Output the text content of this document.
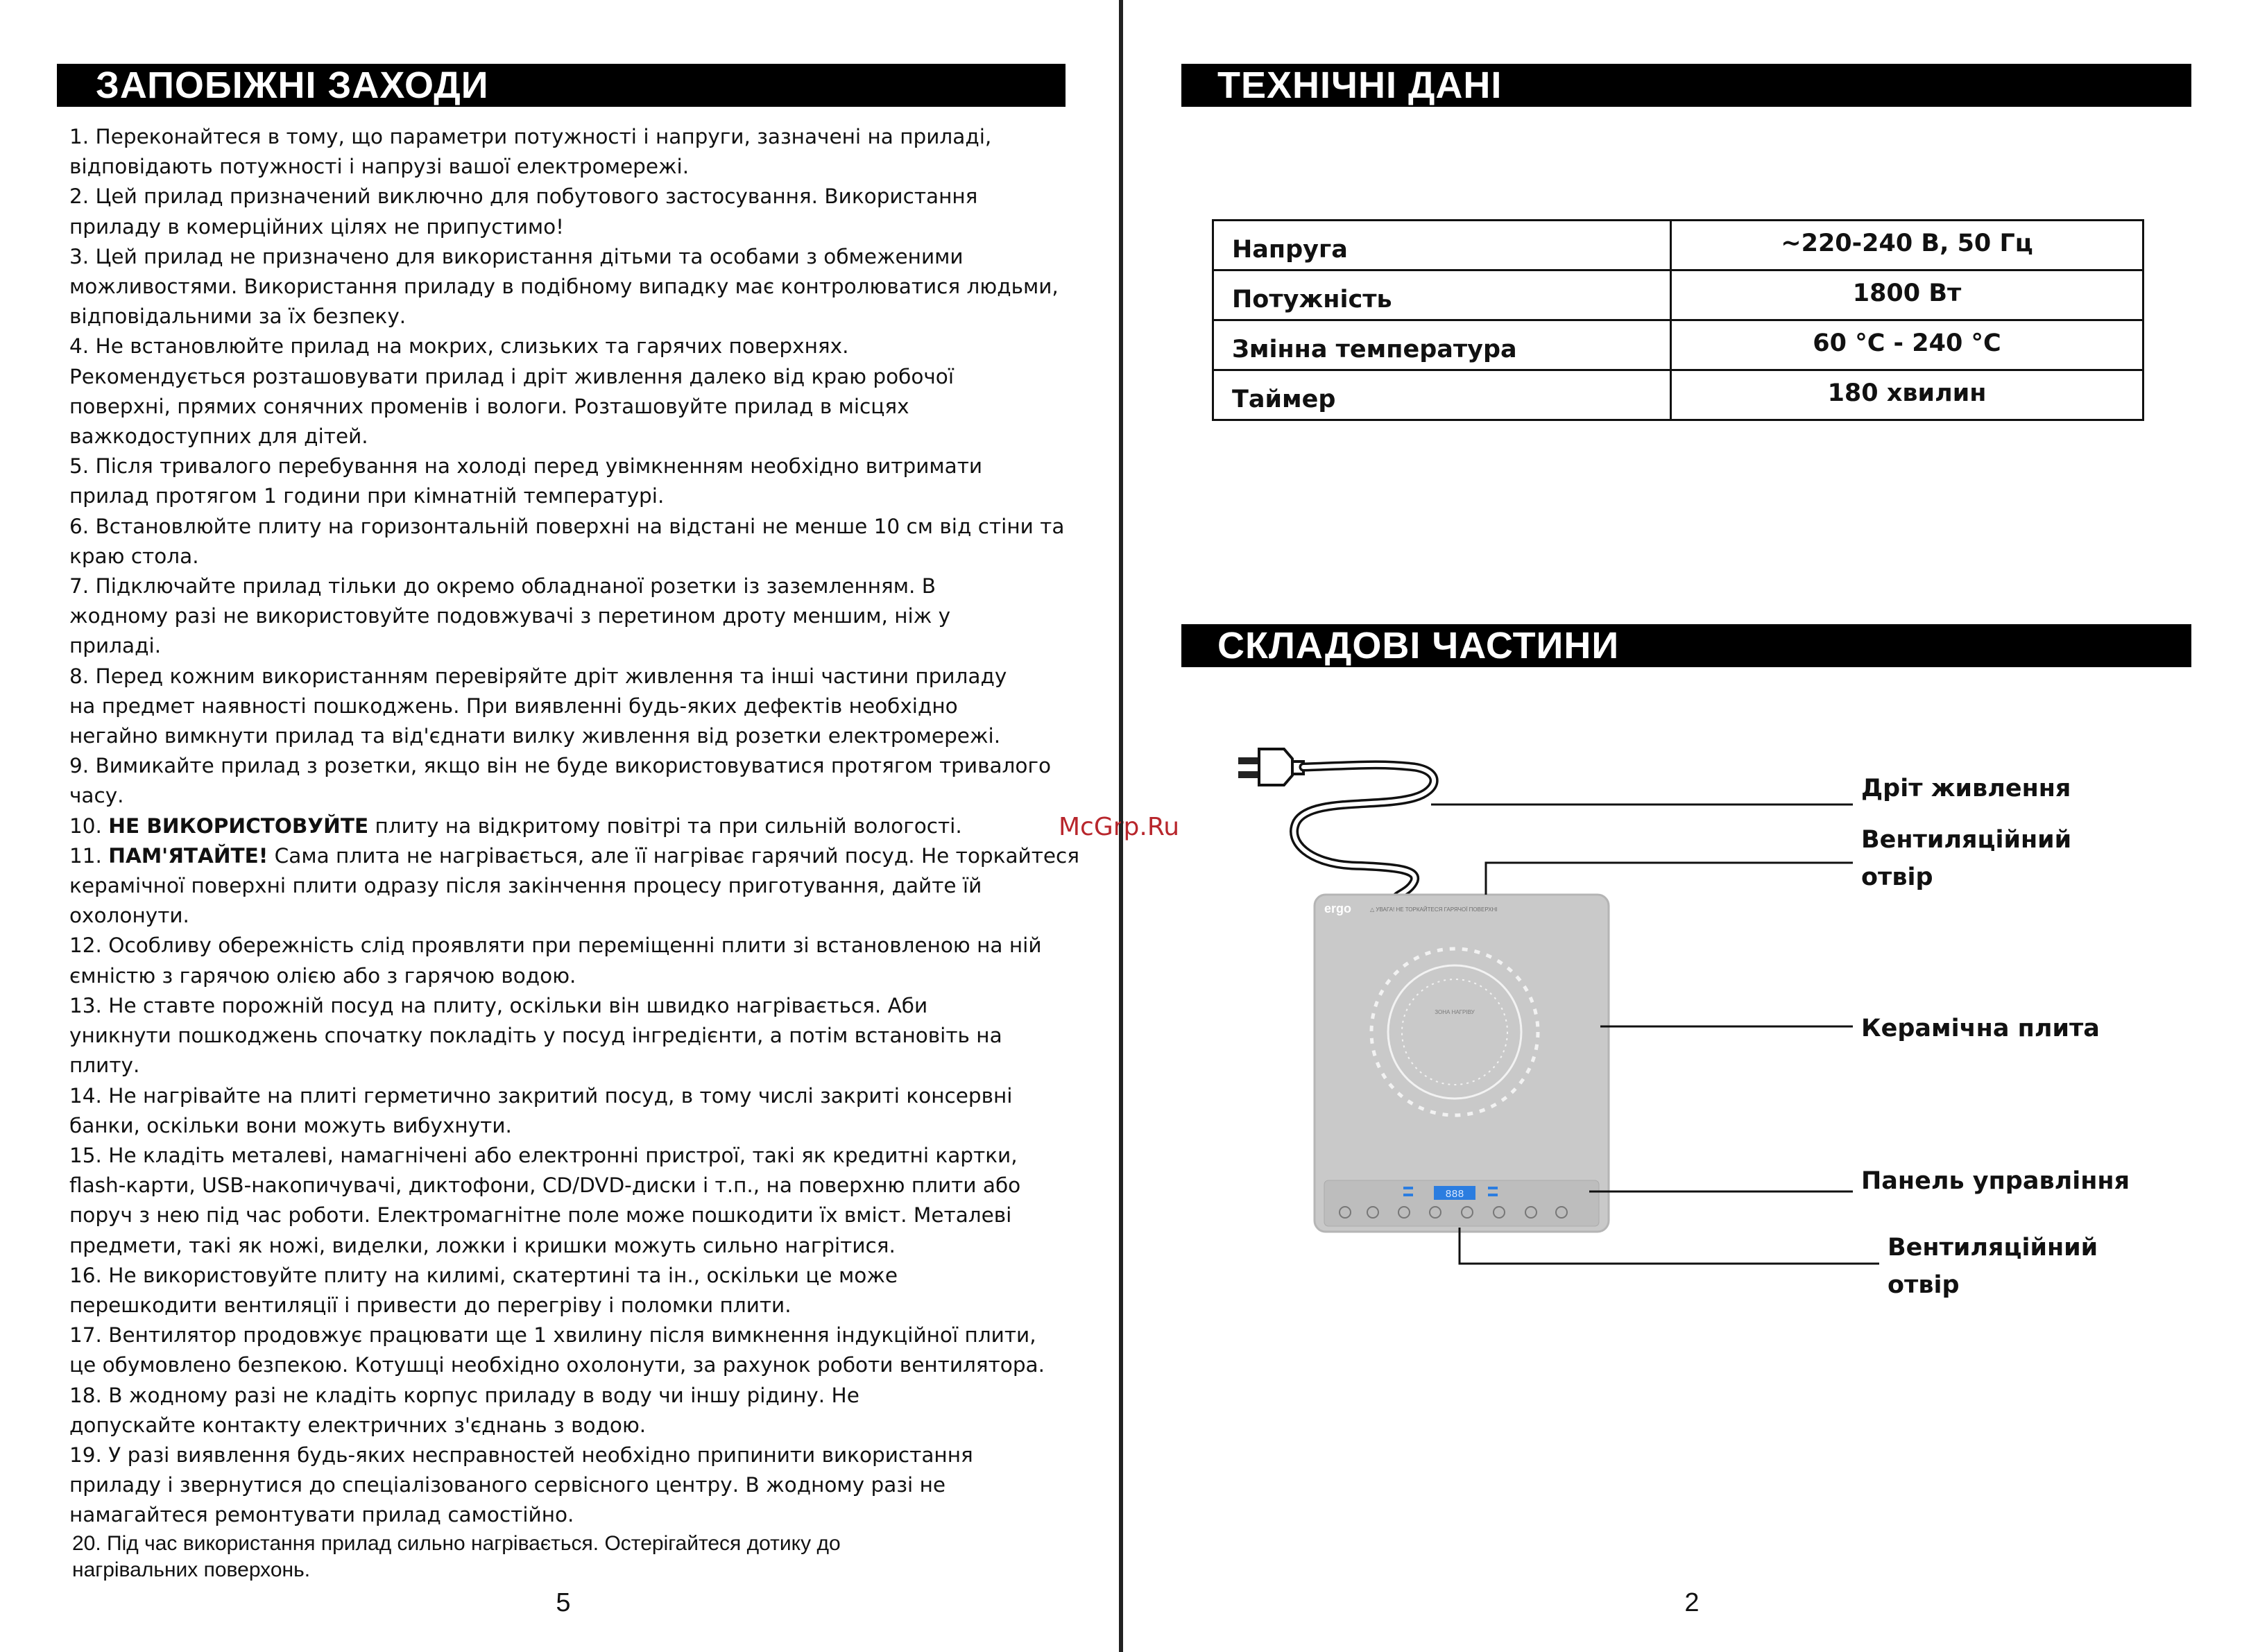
ЗАПОБІЖНІ ЗАХОДИ

1. Переконайтеся в тому, що параметри потужності і напруги, зазначені на приладі,

відповідають потужності і напрузі вашої електромережі.

2. Цей прилад призначений виключно для побутового застосування. Використання

приладу в комерційних цілях не припустимо!

3. Цей прилад не призначено для використання дітьми та особами з обмеженими

можливостями. Використання приладу в подібному випадку має контролюватися людьми,

відповідальними за їх безпеку.

4. Не встановлюйте прилад на мокрих, слизьких та гарячих поверхнях.

Рекомендується розташовувати прилад і дріт живлення далеко від краю робочої

поверхні, прямих сонячних променів і вологи. Розташовуйте прилад в місцях

важкодоступних для дітей.

5. Після тривалого перебування на холоді перед увімкненням необхідно витримати

прилад протягом 1 години при кімнатній температурі.

6. Встановлюйте плиту на горизонтальній поверхні на відстані не менше 10 см від стіни та

краю стола.

7. Підключайте прилад тільки до окремо обладнаної розетки із заземленням. В

жодному разі не використовуйте подовжувачі з перетином дроту меншим, ніж у

приладі.

8. Перед кожним використанням перевіряйте дріт живлення та інші частини приладу

на предмет наявності пошкоджень. При виявленні будь-яких дефектів необхідно

негайно вимкнути прилад та від'єднати вилку живлення від розетки електромережі.

9. Вимикайте прилад з розетки, якщо він не буде використовуватися протягом тривалого

часу.

10. НЕ ВИКОРИСТОВУЙТЕ плиту на відкритому повітрі та при сильній вологості.

11. ПАМ'ЯТАЙТЕ! Сама плита не нагрівається, але її нагріває гарячий посуд. Не торкайтеся

керамічної поверхні плити одразу після закінчення процесу приготування, дайте їй

охолонути.

12. Особливу обережність слід проявляти при переміщенні плити зі встановленою на ній

ємністю з гарячою олією або з гарячою водою.

13. Не ставте порожній посуд на плиту, оскільки він швидко нагрівається. Аби

уникнути пошкоджень спочатку покладіть у посуд інгредієнти, а потім встановіть на

плиту.

14. Не нагрівайте на плиті герметично закритий посуд, в тому числі закриті консервні

банки, оскільки вони можуть вибухнути.

15. Не кладіть металеві, намагнічені або електронні пристрої, такі як кредитні картки,

flash-карти, USB-накопичувачі, диктофони, CD/DVD-диски і т.п., на поверхню плити або

поруч з нею під час роботи. Електромагнітне поле може пошкодити їх вміст. Металеві

предмети, такі як ножі, виделки, ложки і кришки можуть сильно нагрітися.

16. Не використовуйте плиту на килимі, скатертині та ін., оскільки це може

перешкодити вентиляції і привести до перегріву і поломки плити.

17. Вентилятор продовжує працювати ще 1 хвилину після вимкнення індукційної плити,

це обумовлено безпекою. Котушці необхідно охолонути, за рахунок роботи вентилятора.

18. В жодному разі не кладіть корпус приладу в воду чи іншу рідину. Не

допускайте контакту електричних з'єднань з водою.

19. У разі виявлення будь-яких несправностей необхідно припинити використання

приладу і звернутися до спеціалізованого сервісного центру. В жодному разі не

намагайтеся ремонтувати прилад самостійно.

20. Під час використання прилад сильно нагрівається. Остерігайтеся дотику до

нагрівальних поверхонь.

5
McGrp.Ru
ТЕХНІЧНІ ДАНІ
Напруга	~220-240 В, 50 Гц
Потужність	1800 Вт
Змінна температура	60 °C - 240 °C
Таймер	180 хвилин
СКЛАДОВІ ЧАСТИНИ
ergo	△ УВАГА! НЕ ТОРКАЙТЕСЯ ГАРЯЧОЇ ПОВЕРХНІ
ЗОНА НАГРІВУ
888
Дріт живлення
Вентиляційний отвір
Керамічна плита
Панель управління
Вентиляційний отвір
2
